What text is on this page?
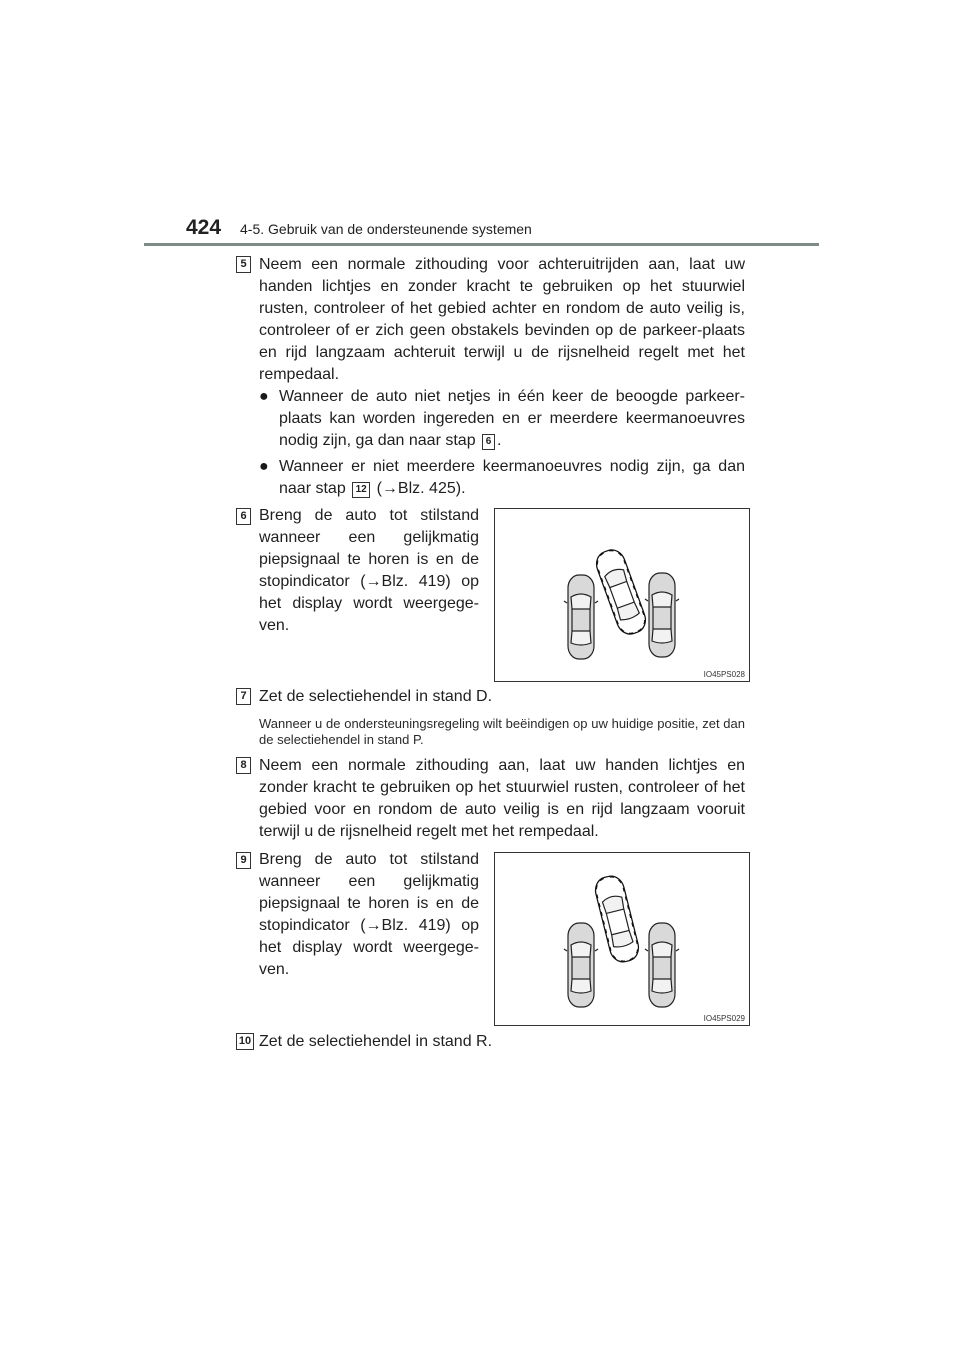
424 4-5. Gebruik van de ondersteunende systemen
5 Neem een normale zithouding voor achteruitrijden aan, laat uw handen lichtjes en zonder kracht te gebruiken op het stuurwiel rusten, controleer of het gebied achter en rondom de auto veilig is, controleer of er zich geen obstakels bevinden op de parkeer-plaats en rijd langzaam achteruit terwijl u de rijsnelheid regelt met het rempedaal.
● Wanneer de auto niet netjes in één keer de beoogde parkeer-plaats kan worden ingereden en er meerdere keermanoeuvres nodig zijn, ga dan naar stap 6 .
● Wanneer er niet meerdere keermanoeuvres nodig zijn, ga dan naar stap 12 (→Blz. 425).
6 Breng de auto tot stilstand wanneer een gelijkmatig piepsignaal te horen is en de stopindicator (→Blz. 419) op het display wordt weergege-ven.
IO45PS028
7 Zet de selectiehendel in stand D.
Wanneer u de ondersteuningsregeling wilt beëindigen op uw huidige positie, zet dan de selectiehendel in stand P.
8 Neem een normale zithouding aan, laat uw handen lichtjes en zonder kracht te gebruiken op het stuurwiel rusten, controleer of het gebied voor en rondom de auto veilig is en rijd langzaam vooruit terwijl u de rijsnelheid regelt met het rempedaal.
9 Breng de auto tot stilstand wanneer een gelijkmatig piepsignaal te horen is en de stopindicator (→Blz. 419) op het display wordt weergege-ven.
IO45PS029
10 Zet de selectiehendel in stand R.
